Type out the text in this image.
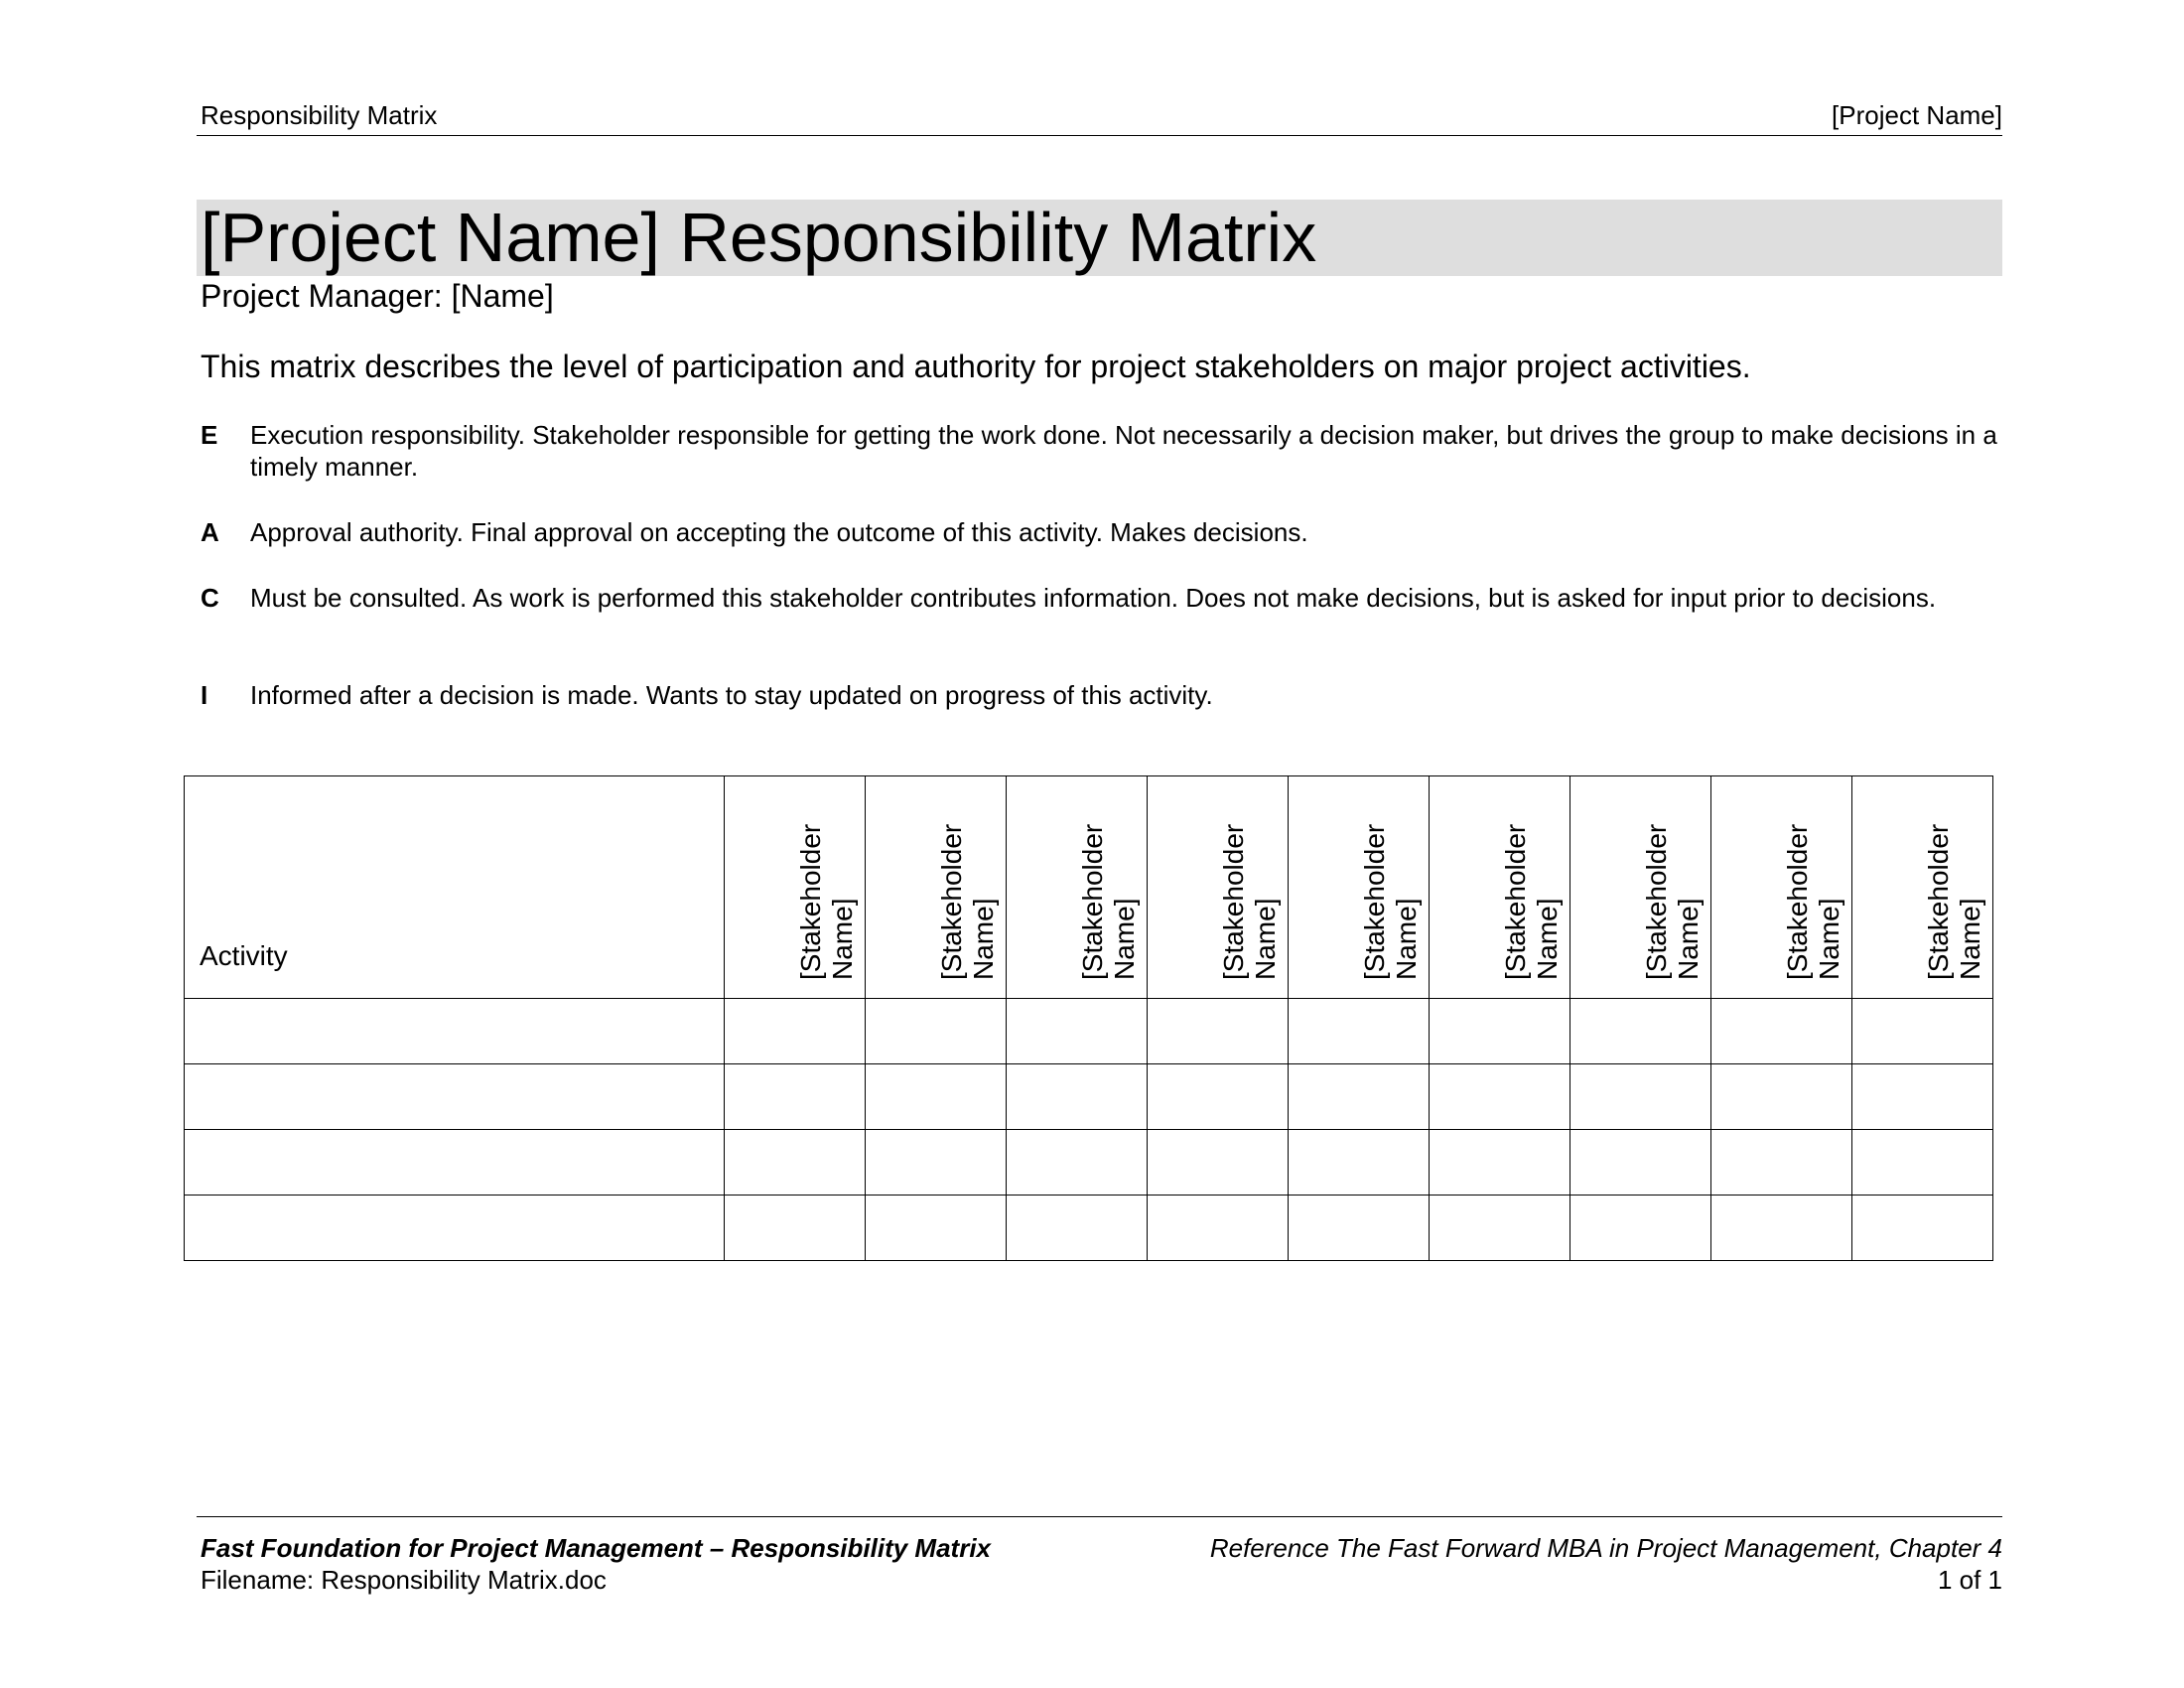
Responsibility Matrix	[Project Name]
[Project Name] Responsibility Matrix
Project Manager: [Name]
This matrix describes the level of participation and authority for project stakeholders on major project activities.
E Execution responsibility. Stakeholder responsible for getting the work done. Not necessarily a decision maker, but drives the group to make decisions in a timely manner.
A Approval authority. Final approval on accepting the outcome of this activity. Makes decisions.
C Must be consulted. As work is performed this stakeholder contributes information. Does not make decisions, but is asked for input prior to decisions.
I Informed after a decision is made. Wants to stay updated on progress of this activity.
Activity	[Stakeholder Name]	[Stakeholder Name]	[Stakeholder Name]	[Stakeholder Name]	[Stakeholder Name]	[Stakeholder Name]	[Stakeholder Name]	[Stakeholder Name]	[Stakeholder Name]

Fast Foundation for Project Management – Responsibility Matrix
Filename: Responsibility Matrix.doc
Reference The Fast Forward MBA in Project Management, Chapter 4
1 of 1
